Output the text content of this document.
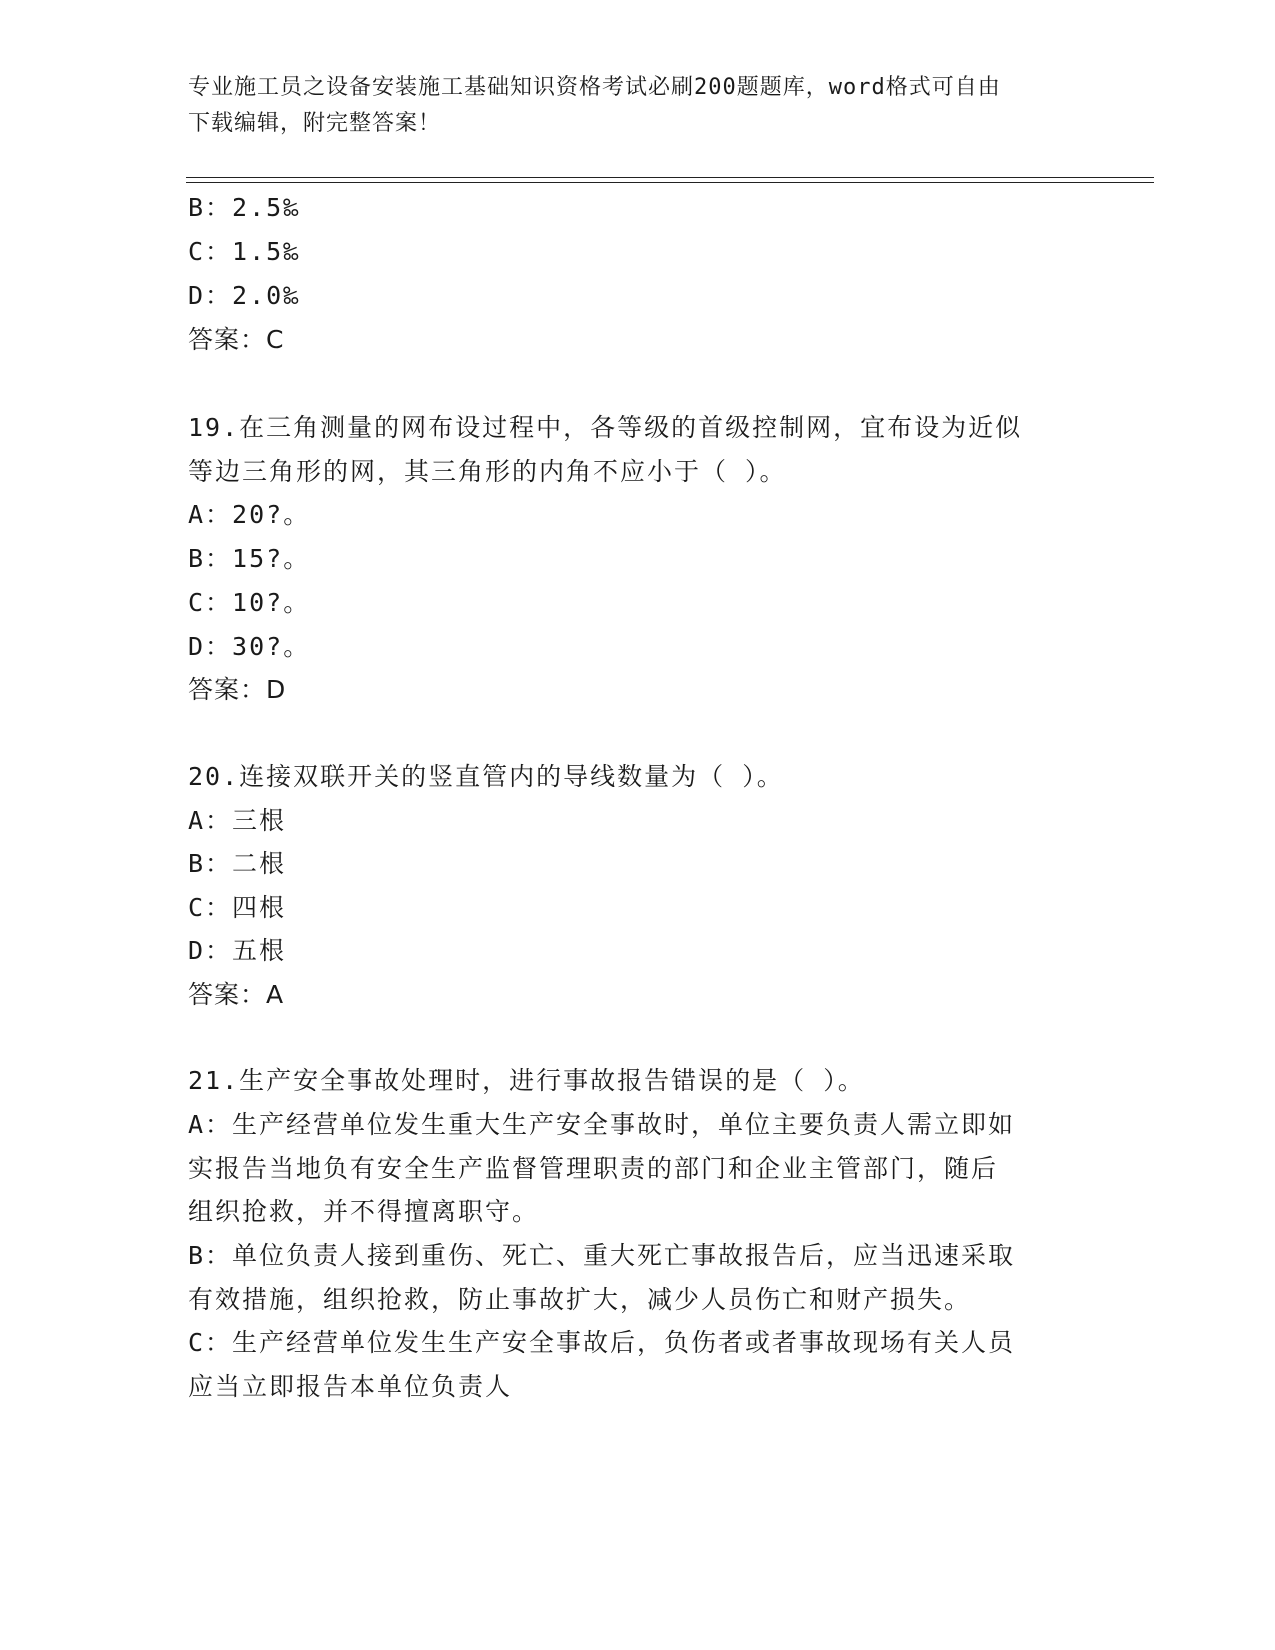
专业施工员之设备安装施工基础知识资格考试必刷200题题库，word格式可自由
下载编辑，附完整答案！
B：2.5‰
C：1.5‰
D：2.0‰
答案：C
19.在三角测量的网布设过程中，各等级的首级控制网，宜布设为近似
等边三角形的网，其三角形的内角不应小于（ ）。
A：20?。
B：15?。
C：10?。
D：30?。
答案：D
20.连接双联开关的竖直管内的导线数量为（ ）。
A：三根
B：二根
C：四根
D：五根
答案：A
21.生产安全事故处理时，进行事故报告错误的是（ ）。
A：生产经营单位发生重大生产安全事故时，单位主要负责人需立即如
实报告当地负有安全生产监督管理职责的部门和企业主管部门，随后
组织抢救，并不得擅离职守。
B：单位负责人接到重伤、死亡、重大死亡事故报告后，应当迅速采取
有效措施，组织抢救，防止事故扩大，减少人员伤亡和财产损失。
C：生产经营单位发生生产安全事故后，负伤者或者事故现场有关人员
应当立即报告本单位负责人
